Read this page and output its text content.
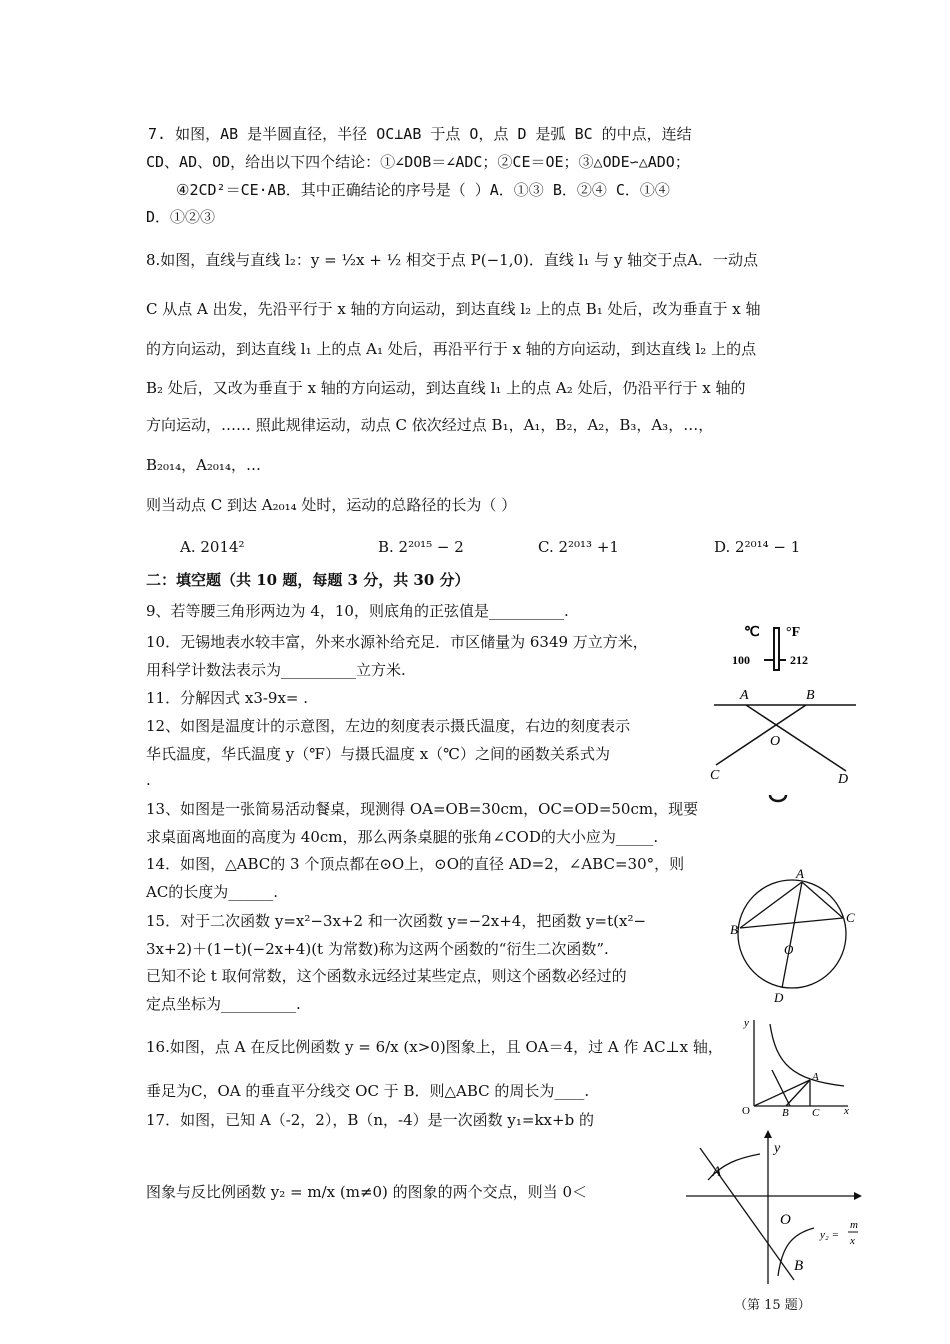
7. 如图，AB 是半圆直径，半径 OC⊥AB 于点 O，点 D 是弧 BC 的中点，连结
CD、AD、OD，给出以下四个结论：①∠DOB＝∠ADC；②CE＝OE；③△ODE∽△ADO；
④2CD²＝CE·AB．其中正确结论的序号是（ ）A．①③ B．②④ C．①④
D．①②③
8.如图，直线与直线 l₂：y = ½x + ½ 相交于点 P(−1,0)．直线 l₁ 与 y 轴交于点A．一动点
C 从点 A 出发，先沿平行于 x 轴的方向运动，到达直线 l₂ 上的点 B₁ 处后，改为垂直于 x 轴
的方向运动，到达直线 l₁ 上的点 A₁ 处后，再沿平行于 x 轴的方向运动，到达直线 l₂ 上的点
B₂ 处后，又改为垂直于 x 轴的方向运动，到达直线 l₁ 上的点 A₂ 处后，仍沿平行于 x 轴的
方向运动，…… 照此规律运动，动点 C 依次经过点 B₁，A₁，B₂，A₂，B₃，A₃，…，
B₂₀₁₄，A₂₀₁₄，…
则当动点 C 到达 A₂₀₁₄ 处时，运动的总路径的长为（ ）
A. 2014²	B. 2²⁰¹⁵ − 2	C. 2²⁰¹³ +1	D. 2²⁰¹⁴ − 1
二：填空题（共 10 题，每题 3 分，共 30 分）
9、若等腰三角形两边为 4，10，则底角的正弦值是__________.
10．无锡地表水较丰富，外来水源补给充足．市区储量为 6349 万立方米，
用科学计数法表示为__________立方米.
11．分解因式 x3-9x= .
12、如图是温度计的示意图，左边的刻度表示摄氏温度，右边的刻度表示
华氏温度，华氏温度 y（℉）与摄氏温度 x（℃）之间的函数关系式为
.
13、如图是一张简易活动餐桌，现测得 OA=OB=30cm，OC=OD=50cm，现要
求桌面离地面的高度为 40cm，那么两条桌腿的张角∠COD的大小应为_____.
14．如图，△ABC的 3 个顶点都在⊙O上，⊙O的直径 AD=2，∠ABC=30°，则
AC的长度为______.
15．对于二次函数 y=x²−3x+2 和一次函数 y=−2x+4，把函数 y=t(x²−
3x+2)＋(1−t)(−2x+4)(t 为常数)称为这两个函数的“衍生二次函数”.
已知不论 t 取何常数，这个函数永远经过某些定点，则这个函数必经过的
定点坐标为__________.
16.如图，点 A 在反比例函数 y = 6/x (x>0)图象上，且 OA＝4，过 A 作 AC⊥x 轴，
垂足为C，OA 的垂直平分线交 OC 于 B．则△ABC 的周长为____.
17．如图，已知 A（-2，2），B（n，-4）是一次函数 y₁=kx+b 的
图象与反比例函数 y₂ = m/x (m≠0) 的图象的两个交点，则当 0＜
℃ °F
100	212
A	B
O
C	D
A
B
C
O
D
y
x
O	B C
A
y
O
A
B
y₂ =
m
x
（第 15 题）
